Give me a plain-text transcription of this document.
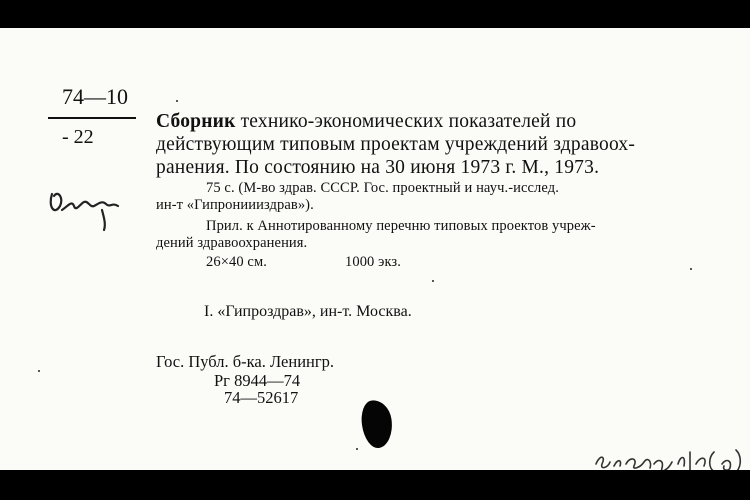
74—10
- 22
Сборник технико-экономических показателей по
действующим типовым проектам учреждений здравоох-
ранения. По состоянию на 30 июня 1973 г. М., 1973.
75 с. (М-во здрав. СССР. Гос. проектный и науч.-исслед.
ин-т «Гипрониииздрав»).
Прил. к Аннотированному перечню типовых проектов учреж-
дений здравоохранения.
26×40 см.	1000 экз.
I. «Гипроздрав», ин-т. Москва.
Гос. Публ. б-ка. Ленингр.
Рг 8944—74
74—52617
